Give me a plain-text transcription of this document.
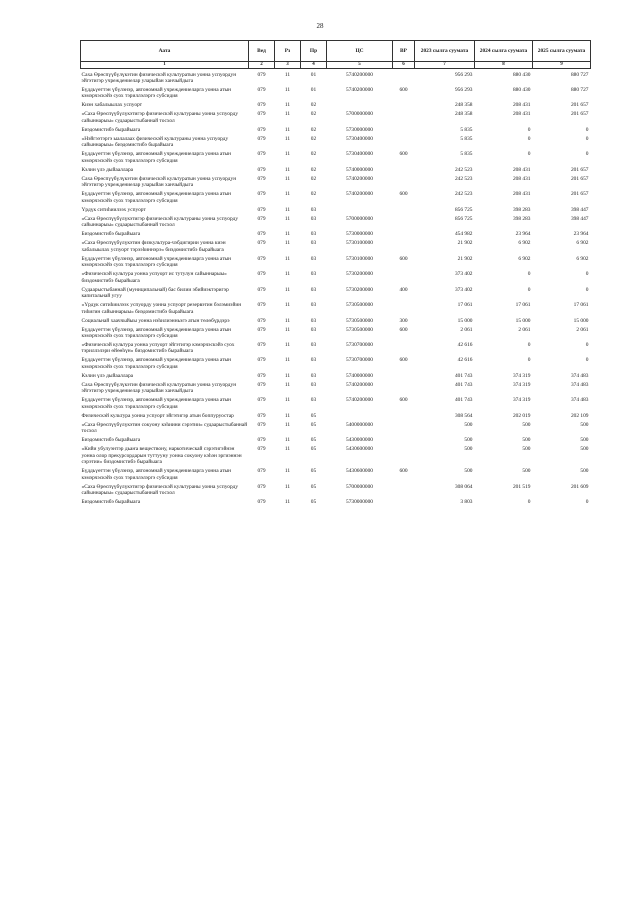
28
Аата	Вед	Рз	Пр	ЦС	ВР	2023 сылга суумата	2024 сылга суумата	2025 сылга суумата
1	2	3	4	5	6	7	8	9
Саха Өрөспүүбүлүкэтин физическэй культуратын уонна успуордун эйгэтигэр учреждениелар уларыйан ханчыйдыга	079	11	01	5740200000		956 293	880 430	880 727
Бүддьүөттэн үбүлэнэр, автономнай учреждениеларга уонна атын кэмэрчэскэйэ суох тэриллэлэргэ субсидия	079	11	01	5740200000	600	956 293	880 430	880 727
Киэн хабалыылах успуорт	079	11	02			248 358	208 431	201 657
«Саха Өрөспүүбүлүкэтигэр физическэй культураны уонна успуорду сайыннарыы» судаарыстыбаннай тосхол	079	11	02	5700000000		248 358	208 431	201 657
Биэдомистибэ бырайыага	079	11	02	5730000000		5 835	0	0
«Нэйгээтэргэ ыалалаах физическэй культураны уонна успуорду сайыннарыы» биэдомистибэ бырайыага	079	11	02	5730400000		5 835	0	0
Бүддьүөттэн үбүлэнэр, автономнай учреждениеларга уонна атын кэмэрчэскэйэ суох тэриллэлэргэ субсидия	079	11	02	5730400000	600	5 835	0	0
Кэлин үлэ дыйааллара	079	11	02	5740000000		242 523	208 431	201 657
Саха Өрөспүүбүлүкэтин физическэй культуратын уонна успуордун эйгэтигэр учреждениелар уларыйан ханчыйдыга	079	11	02	5740200000		242 523	208 431	201 657
Бүддьүөттэн үбүлэнэр, автономнай учреждениеларга уонна атын кэмэрчэскэйэ суох тэриллэлэргэ субсидия	079	11	02	5740200000	600	242 523	208 431	201 657
Үрдүк ситиһиилээх успуорт	079	11	03			856 725	398 283	398 447
«Саха Өрөспүүбүлүкэтигэр физическэй культураны уонна успуорду сайыннарыы» судаарыстыбаннай тосхол	079	11	03	5700000000		856 725	398 283	398 447
Биэдомистибэ бырайыага	079	11	03	5730000000		454 982	23 964	23 964
«Саха Өрөспүүбүлүкэтин физкультура-чэбдигирии уонна киэн хабалыылах успуорт тэрээһиннэрэ» биэдомистибэ бырайыага	079	11	03	5730100000		21 902	6 902	6 902
Бүддьүөттэн үбүлэнэр, автономнай учреждениеларга уонна атын кэмэрчэскэйэ суох тэриллэлэргэ субсидия	079	11	03	5730100000	600	21 902	6 902	6 902
«Физическэй культура уонна успуорт ис тутулун сайыннарыы» биэдомистибэ бырайыага	079	11	03	5730200000		373 402	0	0
Судаарыстыбаннай (муниципальнай) бас билии эбийиэктэригэр капитальнай угуу	079	11	03	5730200000	400	373 402	0	0
«Үрдүк ситиһиилээх успуорду уонна успуорт резервэтин бэлэмиэйин тиһигин сайыннарыы» биэдомистибэ бырайыага	079	11	03	5730500000		17 061	17 061	17 061
Социальнай хааччыйыы уонна нэһилиэнньэгэ атын төлөбүрдэрэ	079	11	03	5730500000	300	15 000	15 000	15 000
Бүддьүөттэн үбүлэнэр, автономнай учреждениеларга уонна атын кэмэрчэскэйэ суох тэриллэлэргэ субсидия	079	11	03	5730500000	600	2 061	2 061	2 061
«Физическэй культура уонна успуорт эйгэтигэр кэмэрчэскэйэ суох тэриллэлэри өйөөһүн» биэдомистибэ бырайыага	079	11	03	5730700000		42 616	0	0
Бүддьүөттэн үбүлэнэр, автономнай учреждениеларга уонна атын кэмэрчэскэйэ суох тэриллэлэргэ субсидия	079	11	03	5730700000	600	42 616	0	0
Кэлин үлэ дыйааллара	079	11	03	5740000000		401 743	374 319	374 483
Саха Өрөспүүбүлүкэтин физическэй культуратын уонна успуордун эйгэтигэр учреждениелар уларыйан ханчыйдыга	079	11	03	5740200000		401 743	374 319	374 483
Бүддьүөттэн үбүлэнэр, автономнай учреждениеларга уонна атын кэмэрчэскэйэ суох тэриллэлэргэ субсидия	079	11	03	5740200000	600	401 743	374 319	374 483
Физическэй культура уонна успуорт эйгэтигэр атын боппуруостар	079	11	05			308 564	202 019	202 109
«Саха Өрөспүүбүлүкэтин сокуону кэһиини сэрэтии» судаарыстыбаннай тосхол	079	11	05	5400000000		500	500	500
Биэдомистибэ бырайыага	079	11	05	5430000000		500	500	500
«Кийи убулуэнтэр дьаҥа веществону, наркотическай сэрэтигэйнэн уонна олор прекурсордарын туттууну уонна сокуону кэһэн эргиэннэн сэрэтии» биэдомистибэ бырайыага	079	11	05	5430600000		500	500	500
Бүддьүөттэн үбүлэнэр, автономнай учреждениеларга уонна атын кэмэрчэскэйэ суох тэриллэлэргэ субсидия	079	11	05	5430600000	600	500	500	500
«Саха Өрөспүүбүлүкэтигэр физическэй культураны уонна успуорду сайыннарыы» судаарыстыбаннай тосхол	079	11	05	5700000000		308 064	201 519	201 609
Биэдомистибэ бырайыага	079	11	05	5730000000		3 803	0	0
